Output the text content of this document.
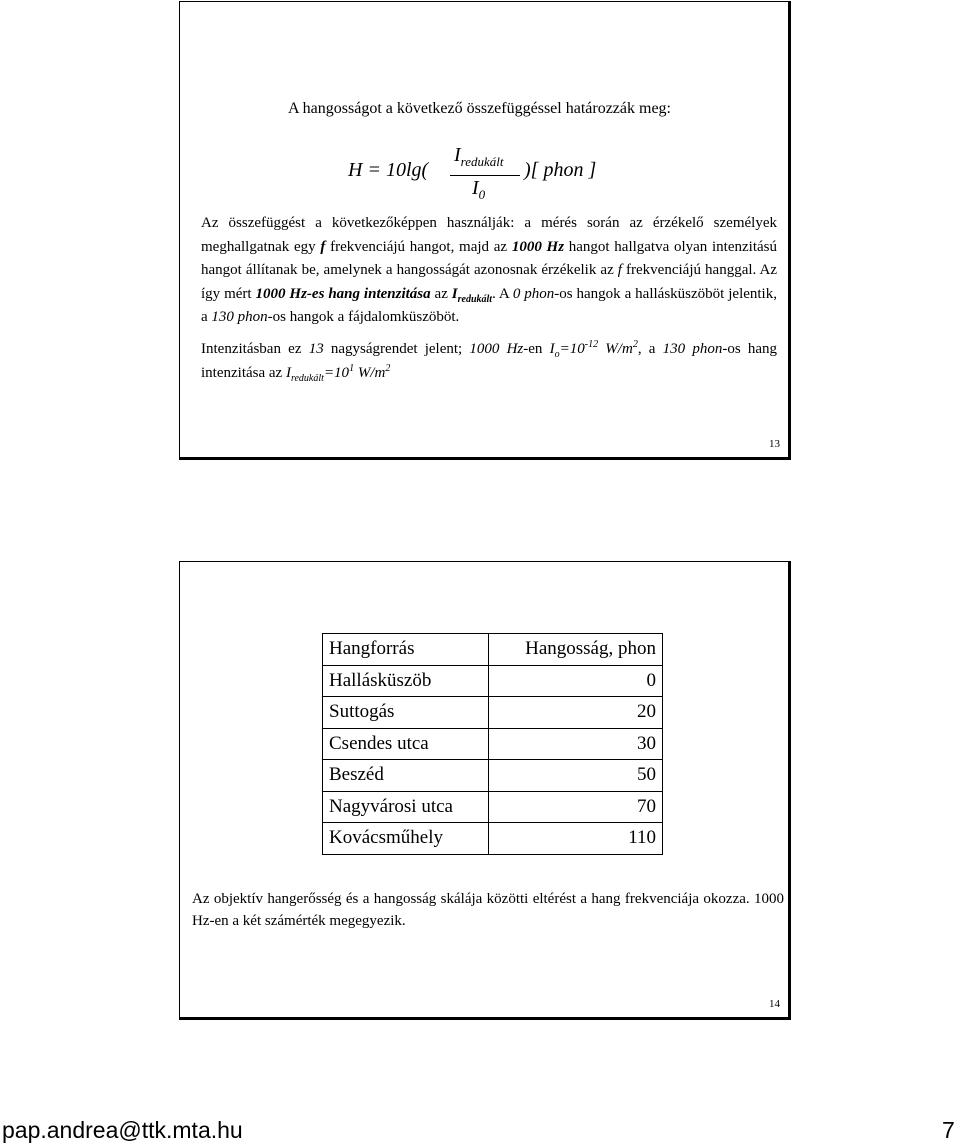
A hangosságot a következő összefüggéssel határozzák meg:
H = 10lg(
$I_{redukált}$
$I_0$
)[ phon ]
Az összefüggést a következőképpen használják: a mérés során az érzékelő személyek meghallgatnak egy f frekvenciájú hangot, majd az 1000 Hz hangot hallgatva olyan intenzitású hangot állítanak be, amelynek a hangosságát azonosnak érzékelik az f frekvenciájú hanggal. Az így mért 1000 Hz-es hang intenzitása az $I_{redukált}$. A 0 phon-os hangok a hallásküszöböt jelentik, a 130 phon-os hangok a fájdalomküszöböt.
Intenzitásban ez 13 nagyságrendet jelent; 1000 Hz-en $I_o=10^{-12}$ $W/m^2$, a 130 phon-os hang intenzitása az $I_{redukált}=10^1$ $W/m^2$
13
Hangforrás	Hangosság, phon
Hallásküszöb	0
Suttogás	20
Csendes utca	30
Beszéd	50
Nagyvárosi utca	70
Kovácsműhely	110
Az objektív hangerősség és a hangosság skálája közötti eltérést a hang frekvenciája okozza. 1000 Hz-en a két számérték megegyezik.
14
pap.andrea@ttk.mta.hu	7
